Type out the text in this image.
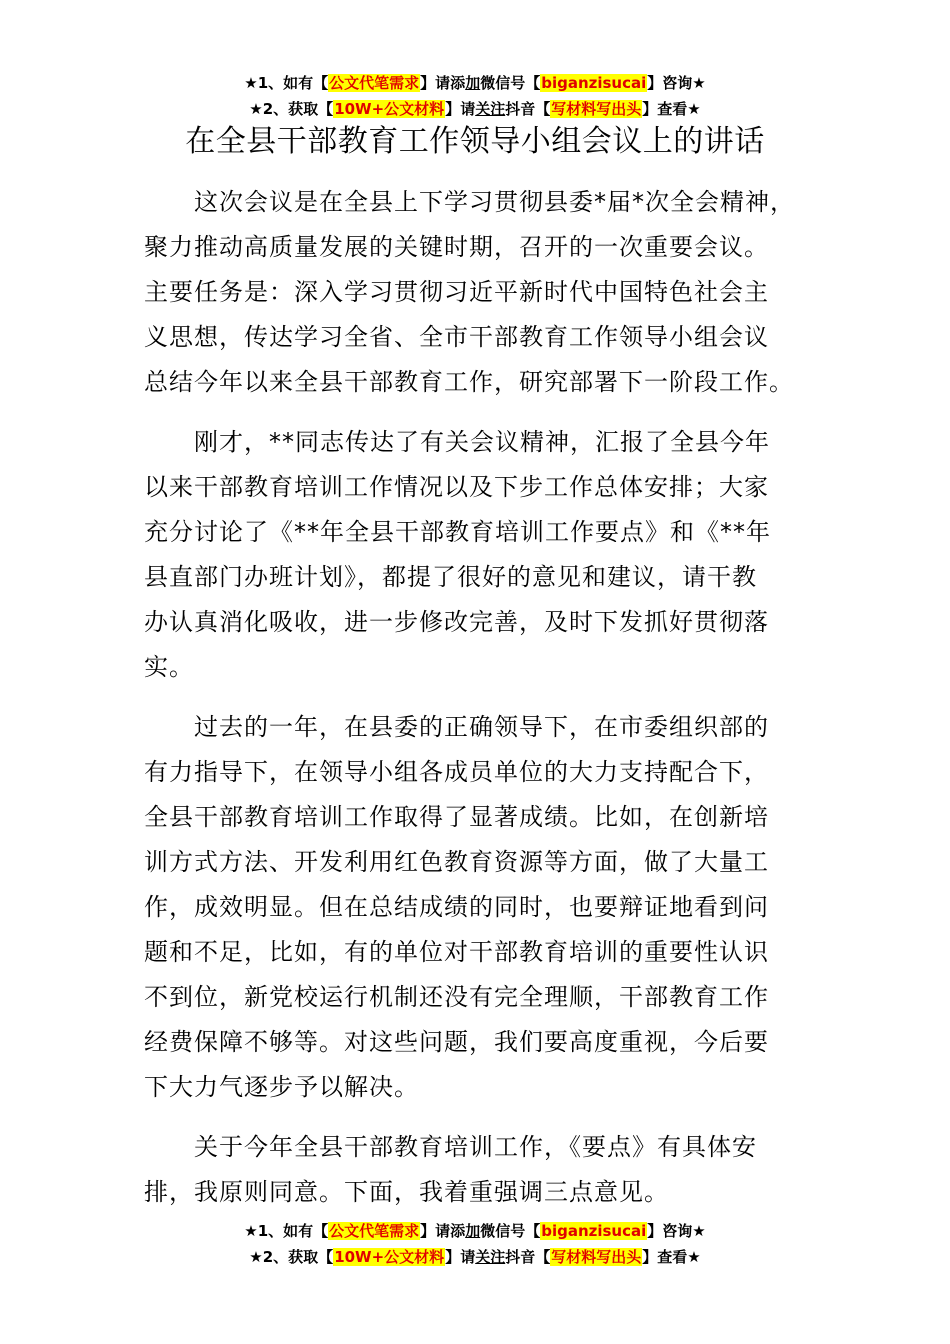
★1、如有【公文代笔需求】请添加微信号【biganzisucai】咨询★
★2、获取【10W+公文材料】请关注抖音【写材料写出头】查看★
在全县干部教育工作领导小组会议上的讲话
这次会议是在全县上下学习贯彻县委*届*次全会精神，
聚力推动高质量发展的关键时期，召开的一次重要会议。
主要任务是：深入学习贯彻习近平新时代中国特色社会主
义思想，传达学习全省、全市干部教育工作领导小组会议
总结今年以来全县干部教育工作，研究部署下一阶段工作。
刚才，**同志传达了有关会议精神，汇报了全县今年
以来干部教育培训工作情况以及下步工作总体安排；大家
充分讨论了《**年全县干部教育培训工作要点》和《**年
县直部门办班计划》，都提了很好的意见和建议，请干教
办认真消化吸收，进一步修改完善，及时下发抓好贯彻落
实。
过去的一年，在县委的正确领导下，在市委组织部的
有力指导下，在领导小组各成员单位的大力支持配合下，
全县干部教育培训工作取得了显著成绩。比如，在创新培
训方式方法、开发利用红色教育资源等方面，做了大量工
作，成效明显。但在总结成绩的同时，也要辩证地看到问
题和不足，比如，有的单位对干部教育培训的重要性认识
不到位，新党校运行机制还没有完全理顺，干部教育工作
经费保障不够等。对这些问题，我们要高度重视，今后要
下大力气逐步予以解决。
关于今年全县干部教育培训工作，《要点》有具体安
排，我原则同意。下面，我着重强调三点意见。
★1、如有【公文代笔需求】请添加微信号【biganzisucai】咨询★
★2、获取【10W+公文材料】请关注抖音【写材料写出头】查看★
